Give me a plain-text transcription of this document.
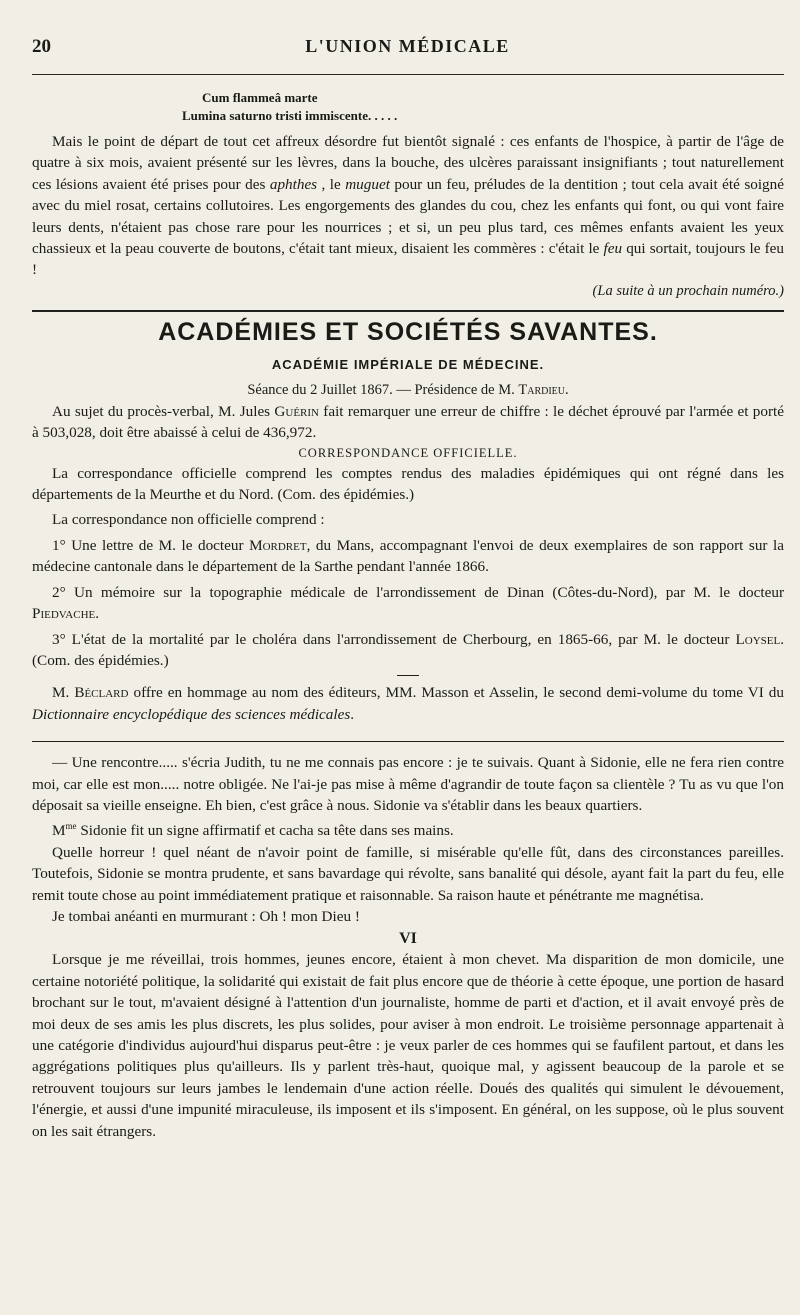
20	L'UNION MÉDICALE
Cum flammeâ marte
Lumina saturno tristi immiscente. . . . .

Mais le point de départ de tout cet affreux désordre fut bientôt signalé : ces enfants de l'hospice, à partir de l'âge de quatre à six mois, avaient présenté sur les lèvres, dans la bouche, des ulcères paraissant insignifiants ; tout naturellement ces lésions avaient été prises pour des aphthes , le muguet pour un feu, préludes de la dentition ; tout cela avait été soigné avec du miel rosat, certains collutoires. Les engorgements des glandes du cou, chez les enfants qui font, ou qui vont faire leurs dents, n'étaient pas chose rare pour les nourrices ; et si, un peu plus tard, ces mêmes enfants avaient les yeux chassieux et la peau couverte de boutons, c'était tant mieux, disaient les commères : c'était le feu qui sortait, toujours le feu !

(La suite à un prochain numéro.)
ACADÉMIES ET SOCIÉTÉS SAVANTES.
ACADÉMIE IMPÉRIALE DE MÉDECINE.
Séance du 2 Juillet 1867. — Présidence de M. Tardieu.

Au sujet du procès-verbal, M. Jules Guérin fait remarquer une erreur de chiffre : le déchet éprouvé par l'armée et porté à 503,028, doit être abaissé à celui de 436,972.

CORRESPONDANCE OFFICIELLE.

La correspondance officielle comprend les comptes rendus des maladies épidémiques qui ont régné dans les départements de la Meurthe et du Nord. (Com. des épidémies.)

La correspondance non officielle comprend :

1° Une lettre de M. le docteur Mordret, du Mans, accompagnant l'envoi de deux exemplaires de son rapport sur la médecine cantonale dans le département de la Sarthe pendant l'année 1866.

2° Un mémoire sur la topographie médicale de l'arrondissement de Dinan (Côtes-du-Nord), par M. le docteur Piedvache.

3° L'état de la mortalité par le choléra dans l'arrondissement de Cherbourg, en 1865-66, par M. le docteur Loysel. (Com. des épidémies.)

M. Béclard offre en hommage au nom des éditeurs, MM. Masson et Asselin, le second demi-volume du tome VI du Dictionnaire encyclopédique des sciences médicales.

— Une rencontre..... s'écria Judith, tu ne me connais pas encore : je te suivais. Quant à Sidonie, elle ne fera rien contre moi, car elle est mon..... notre obligée. Ne l'ai-je pas mise à même d'agrandir de toute façon sa clientèle ? Tu as vu que l'on déposait sa vieille enseigne. Eh bien, c'est grâce à nous. Sidonie va s'établir dans les beaux quartiers.

$M^{me}$ Sidonie fit un signe affirmatif et cacha sa tête dans ses mains.

Quelle horreur ! quel néant de n'avoir point de famille, si misérable qu'elle fût, dans des circonstances pareilles. Toutefois, Sidonie se montra prudente, et sans bavardage qui révolte, sans banalité qui désole, ayant fait la part du feu, elle remit toute chose au point immédiatement pratique et raisonnable. Sa raison haute et pénétrante me magnétisa.

Je tombai anéanti en murmurant : Oh ! mon Dieu !

VI

Lorsque je me réveillai, trois hommes, jeunes encore, étaient à mon chevet. Ma disparition de mon domicile, une certaine notoriété politique, la solidarité qui existait de fait plus encore que de théorie à cette époque, une portion de hasard brochant sur le tout, m'avaient désigné à l'attention d'un journaliste, homme de parti et d'action, et il avait envoyé près de moi deux de ses amis les plus discrets, les plus solides, pour aviser à mon endroit. Le troisième personnage appartenait à une catégorie d'individus aujourd'hui disparus peut-être : je veux parler de ces hommes qui se faufilent partout, et dans les aggrégations politiques plus qu'ailleurs. Ils y parlent très-haut, quoique mal, y agissent beaucoup de la parole et se retrouvent toujours sur leurs jambes le lendemain d'une action réelle. Doués des qualités qui simulent le dévouement, l'énergie, et aussi d'une impunité miraculeuse, ils imposent et ils s'imposent. En général, on les suppose, où le plus souvent on les sait étrangers.
